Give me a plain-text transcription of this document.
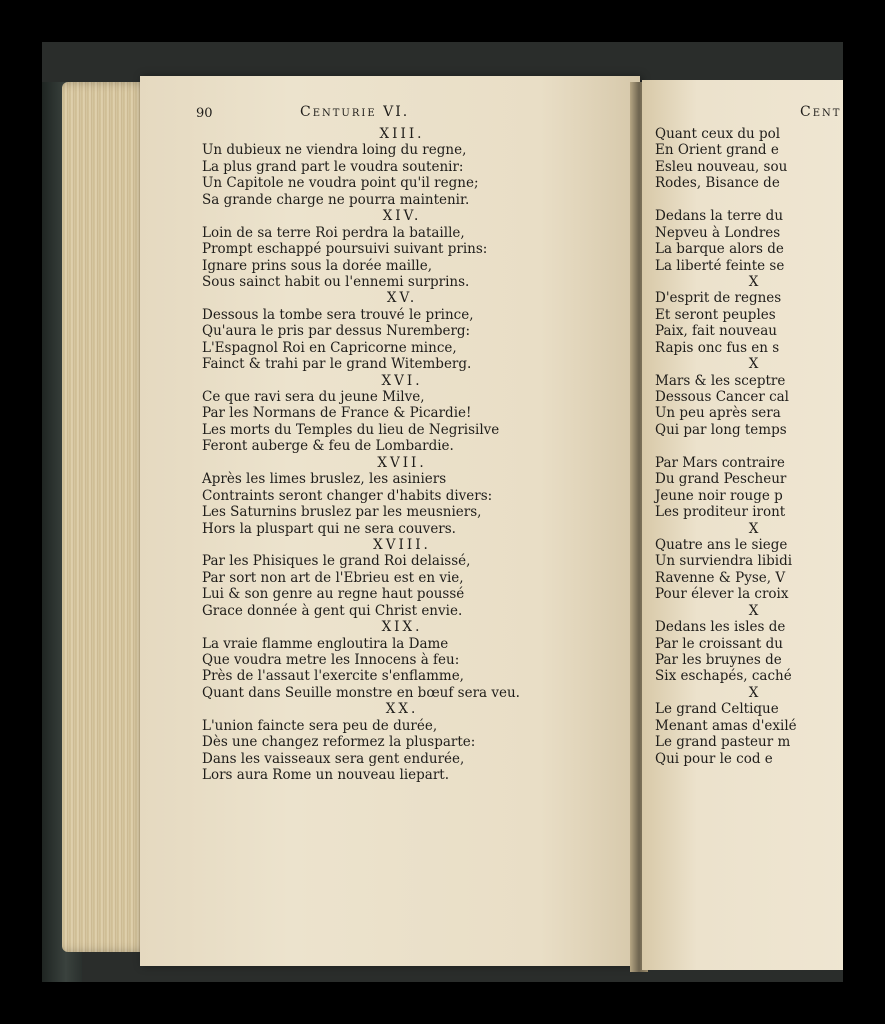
90	Centurie VI.
XIII.
Un dubieux ne viendra loing du regne,
La plus grand part le voudra soutenir:
Un Capitole ne voudra point qu'il regne;
Sa grande charge ne pourra maintenir.
XIV.
Loin de sa terre Roi perdra la bataille,
Prompt eschappé poursuivi suivant prins:
Ignare prins sous la dorée maille,
Sous sainct habit ou l'ennemi surprins.
XV.
Dessous la tombe sera trouvé le prince,
Qu'aura le pris par dessus Nuremberg:
L'Espagnol Roi en Capricorne mince,
Fainct & trahi par le grand Witemberg.
XVI.
Ce que ravi sera du jeune Milve,
Par les Normans de France & Picardie!
Les morts du Temples du lieu de Negrisilve
Feront auberge & feu de Lombardie.
XVII.
Après les limes bruslez, les asiniers
Contraints seront changer d'habits divers:
Les Saturnins bruslez par les meusniers,
Hors la pluspart qui ne sera couvers.
XVIII.
Par les Phisiques le grand Roi delaissé,
Par sort non art de l'Ebrieu est en vie,
Lui & son genre au regne haut poussé
Grace donnée à gent qui Christ envie.
XIX.
La vraie flamme engloutira la Dame
Que voudra metre les Innocens à feu:
Près de l'assaut l'exercite s'enflamme,
Quant dans Seuille monstre en bœuf sera veu.
XX.
L'union faincte sera peu de durée,
Dès une changez reformez la plusparte:
Dans les vaisseaux sera gent endurée,
Lors aura Rome un nouveau liepart.
Cent
Quant ceux du pol
En Orient grand e
Esleu nouveau, sou
Rodes, Bisance de
Dedans la terre du
Nepveu à Londres
La barque alors de
La liberté feinte se
X
D'esprit de regnes
Et seront peuples
Paix, fait nouveau
Rapis onc fus en s
X
Mars & les sceptre
Dessous Cancer cal
Un peu après sera
Qui par long temps
Par Mars contraire
Du grand Pescheur
Jeune noir rouge p
Les proditeur iront
X
Quatre ans le siege
Un surviendra libidi
Ravenne & Pyse, V
Pour élever la croix
X
Dedans les isles de
Par le croissant du
Par les bruynes de
Six eschapés, caché
X
Le grand Celtique
Menant amas d'exilé
Le grand pasteur m
Qui pour le cod e
